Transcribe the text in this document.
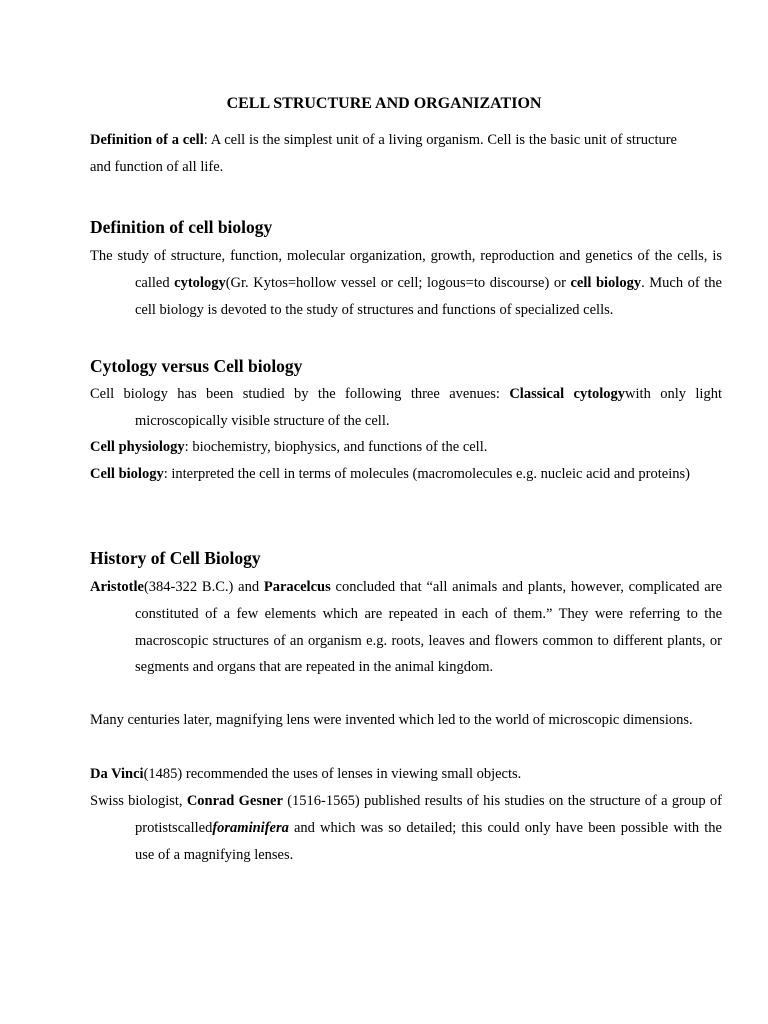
CELL STRUCTURE AND ORGANIZATION
Definition of a cell: A cell is the simplest unit of a living organism. Cell is the basic unit of structure and function of all life.
Definition of cell biology
The study of structure, function, molecular organization, growth, reproduction and genetics of the cells, is called cytology(Gr. Kytos=hollow vessel or cell; logous=to discourse) or cell biology. Much of the cell biology is devoted to the study of structures and functions of specialized cells.
Cytology versus Cell biology
Cell biology has been studied by the following three avenues: Classical cytologywith only light microscopically visible structure of the cell.
Cell physiology: biochemistry, biophysics, and functions of the cell.
Cell biology: interpreted the cell in terms of molecules (macromolecules e.g. nucleic acid and proteins)
History of Cell Biology
Aristotle(384-322 B.C.) and Paracelcus concluded that “all animals and plants, however, complicated are constituted of a few elements which are repeated in each of them.” They were referring to the macroscopic structures of an organism e.g. roots, leaves and flowers common to different plants, or segments and organs that are repeated in the animal kingdom.
Many centuries later, magnifying lens were invented which led to the world of microscopic dimensions.
Da Vinci(1485) recommended the uses of lenses in viewing small objects.
Swiss biologist, Conrad Gesner (1516-1565) published results of his studies on the structure of a group of protistscalledforaminifera and which was so detailed; this could only have been possible with the use of a magnifying lenses.
